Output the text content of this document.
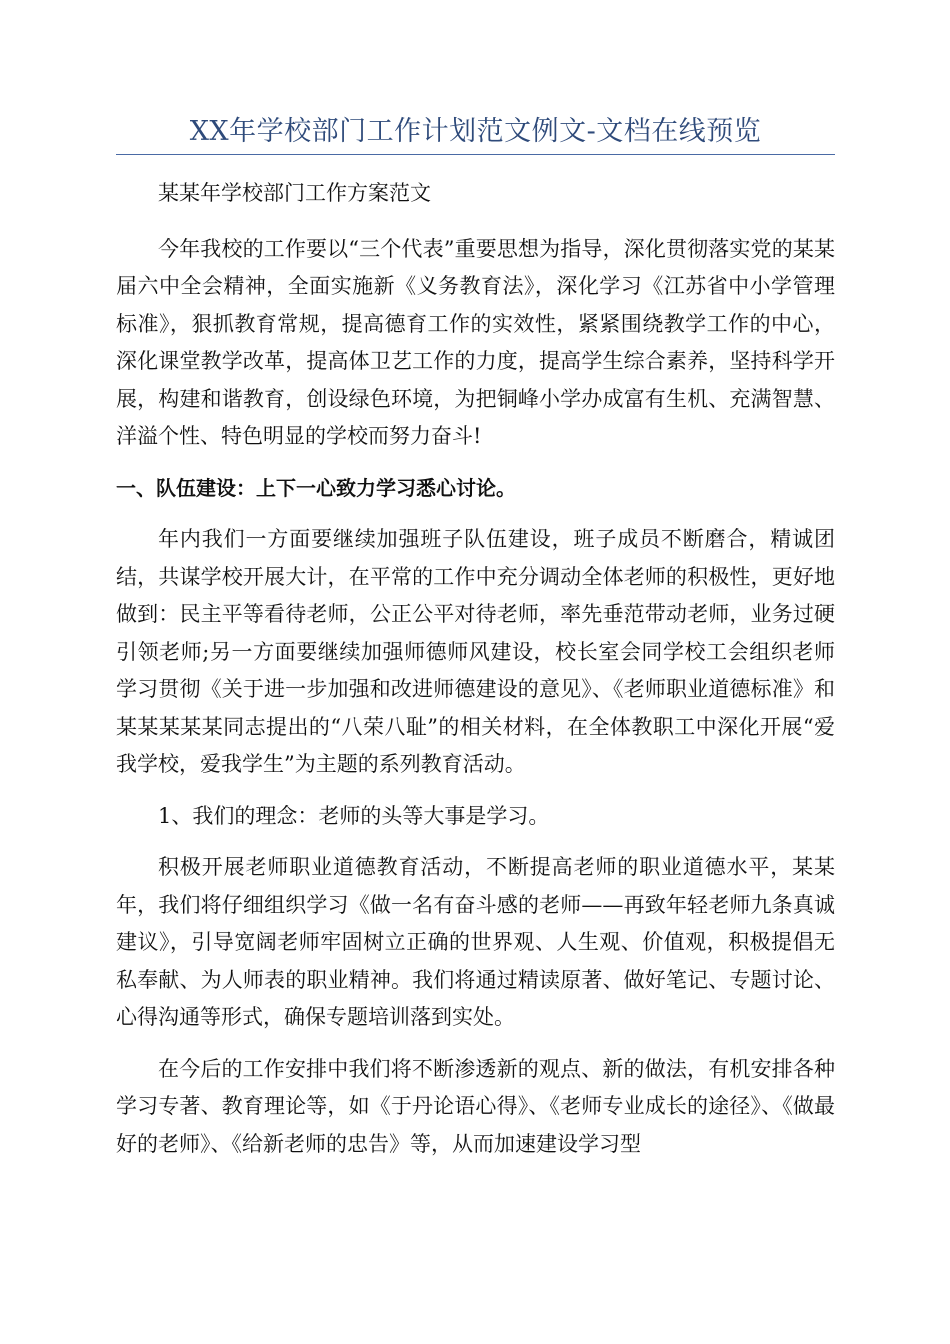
XX年学校部门工作计划范文例文-文档在线预览

某某年学校部门工作方案范文

今年我校的工作要以“三个代表”重要思想为指导，深化贯彻落实党的某某届六中全会精神，全面实施新《义务教育法》，深化学习《江苏省中小学管理标准》，狠抓教育常规，提高德育工作的实效性，紧紧围绕教学工作的中心，深化课堂教学改革，提高体卫艺工作的力度，提高学生综合素养，坚持科学开展，构建和谐教育，创设绿色环境，为把铜峰小学办成富有生机、充满智慧、洋溢个性、特色明显的学校而努力奋斗!

一、队伍建设：上下一心致力学习悉心讨论。

年内我们一方面要继续加强班子队伍建设，班子成员不断磨合，精诚团结，共谋学校开展大计，在平常的工作中充分调动全体老师的积极性，更好地做到：民主平等看待老师，公正公平对待老师，率先垂范带动老师，业务过硬引领老师;另一方面要继续加强师德师风建设，校长室会同学校工会组织老师学习贯彻《关于进一步加强和改进师德建设的意见》、《老师职业道德标准》和某某某某某同志提出的“八荣八耻”的相关材料，在全体教职工中深化开展“爱我学校，爱我学生”为主题的系列教育活动。

1、我们的理念：老师的头等大事是学习。

积极开展老师职业道德教育活动，不断提高老师的职业道德水平，某某年，我们将仔细组织学习《做一名有奋斗感的老师——再致年轻老师九条真诚建议》，引导宽阔老师牢固树立正确的世界观、人生观、价值观，积极提倡无私奉献、为人师表的职业精神。我们将通过精读原著、做好笔记、专题讨论、心得沟通等形式，确保专题培训落到实处。

在今后的工作安排中我们将不断渗透新的观点、新的做法，有机安排各种学习专著、教育理论等，如《于丹论语心得》、《老师专业成长的途径》、《做最好的老师》、《给新老师的忠告》等，从而加速建设学习型
